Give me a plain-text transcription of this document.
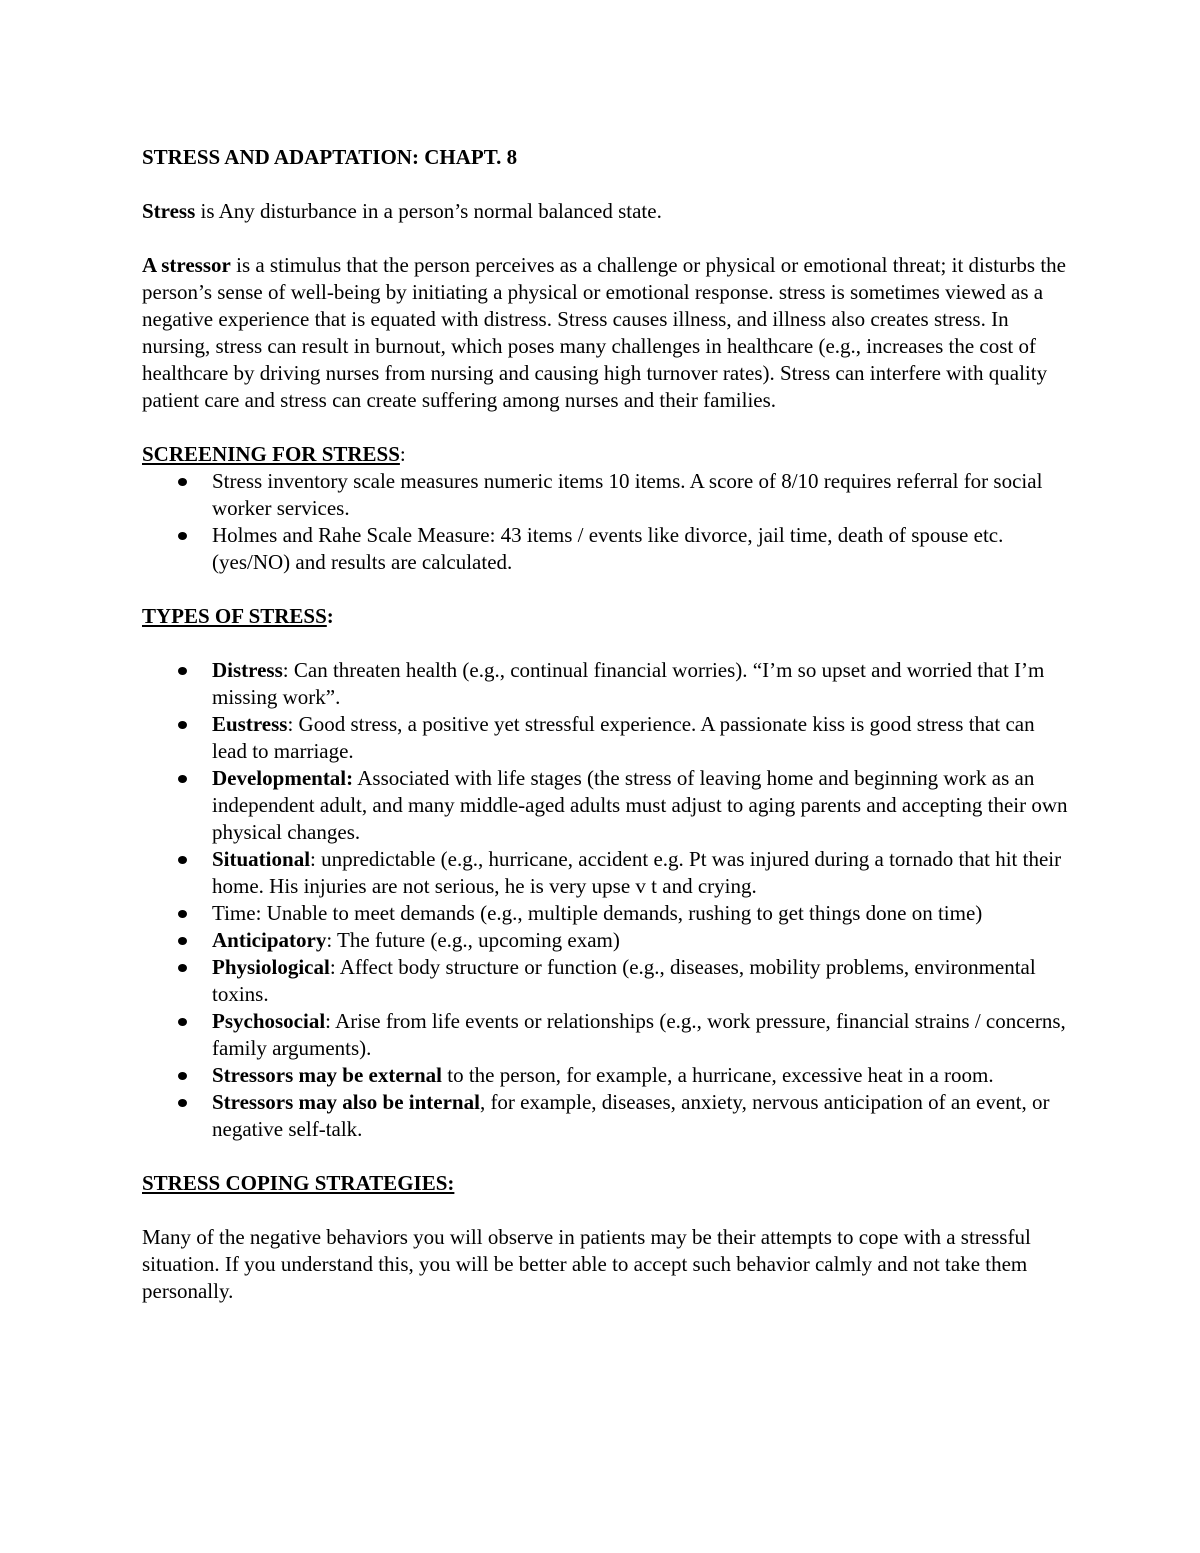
STRESS AND ADAPTATION: CHAPT. 8

Stress is Any disturbance in a person’s normal balanced state.

A stressor is a stimulus that the person perceives as a challenge or physical or emotional threat; it disturbs the person’s sense of well-being by initiating a physical or emotional response. stress is sometimes viewed as a negative experience that is equated with distress. Stress causes illness, and illness also creates stress. In nursing, stress can result in burnout, which poses many challenges in healthcare (e.g., increases the cost of healthcare by driving nurses from nursing and causing high turnover rates). Stress can interfere with quality patient care and stress can create suffering among nurses and their families.

SCREENING FOR STRESS:

Stress inventory scale measures numeric items 10 items. A score of 8/10 requires referral for social worker services.
Holmes and Rahe Scale Measure: 43 items / events like divorce, jail time, death of spouse etc. (yes/NO) and results are calculated.

TYPES OF STRESS:

Distress: Can threaten health (e.g., continual financial worries). “I’m so upset and worried that I’m missing work”.
Eustress: Good stress, a positive yet stressful experience. A passionate kiss is good stress that can lead to marriage.
Developmental: Associated with life stages (the stress of leaving home and beginning work as an independent adult, and many middle-aged adults must adjust to aging parents and accepting their own physical changes.
Situational: unpredictable (e.g., hurricane, accident e.g. Pt was injured during a tornado that hit their home. His injuries are not serious, he is very upse v t and crying.
Time: Unable to meet demands (e.g., multiple demands, rushing to get things done on time)
Anticipatory: The future (e.g., upcoming exam)
Physiological: Affect body structure or function (e.g., diseases, mobility problems, environmental toxins.
Psychosocial: Arise from life events or relationships (e.g., work pressure, financial strains / concerns, family arguments).
Stressors may be external to the person, for example, a hurricane, excessive heat in a room.
Stressors may also be internal, for example, diseases, anxiety, nervous anticipation of an event, or negative self-talk.

STRESS COPING STRATEGIES:

Many of the negative behaviors you will observe in patients may be their attempts to cope with a stressful situation. If you understand this, you will be better able to accept such behavior calmly and not take them personally.
